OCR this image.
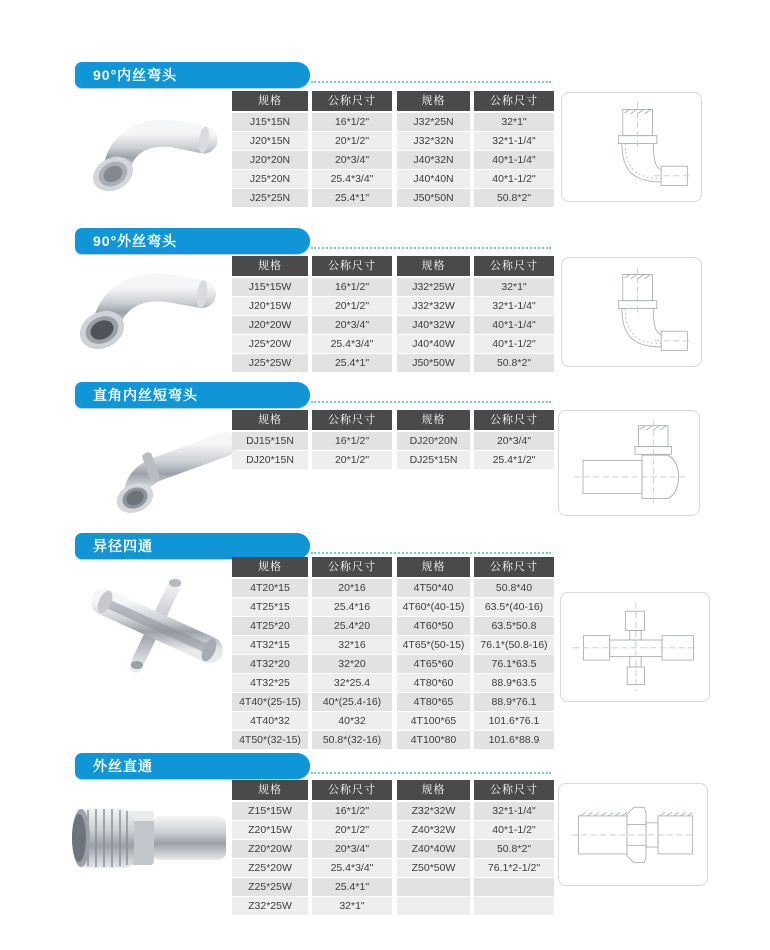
90°内丝弯头
规格	公称尺寸
J15*15N	16*1/2"
J20*15N	20*1/2"
J20*20N	20*3/4"
J25*20N	25.4*3/4"
J25*25N	25.4*1"
规格	公称尺寸
J32*25N	32*1"
J32*32N	32*1-1/4"
J40*32N	40*1-1/4"
J40*40N	40*1-1/2"
J50*50N	50.8*2"
90°外丝弯头
规格	公称尺寸
J15*15W	16*1/2"
J20*15W	20*1/2"
J20*20W	20*3/4"
J25*20W	25.4*3/4"
J25*25W	25.4*1"
规格	公称尺寸
J32*25W	32*1"
J32*32W	32*1-1/4"
J40*32W	40*1-1/4"
J40*40W	40*1-1/2"
J50*50W	50.8*2"
直角内丝短弯头
规格	公称尺寸
DJ15*15N	16*1/2"
DJ20*15N	20*1/2"
规格	公称尺寸
DJ20*20N	20*3/4"
DJ25*15N	25.4*1/2"
异径四通
规格	公称尺寸
4T20*15	20*16
4T25*15	25.4*16
4T25*20	25.4*20
4T32*15	32*16
4T32*20	32*20
4T32*25	32*25.4
4T40*(25-15)	40*(25.4-16)
4T40*32	40*32
4T50*(32-15)	50.8*(32-16)
规格	公称尺寸
4T50*40	50.8*40
4T60*(40-15)	63.5*(40-16)
4T60*50	63.5*50.8
4T65*(50-15)	76.1*(50.8-16)
4T65*60	76.1*63.5
4T80*60	88.9*63.5
4T80*65	88.9*76.1
4T100*65	101.6*76.1
4T100*80	101.6*88.9
外丝直通
规格	公称尺寸
Z15*15W	16*1/2"
Z20*15W	20*1/2"
Z20*20W	20*3/4"
Z25*20W	25.4*3/4"
Z25*25W	25.4*1"
Z32*25W	32*1"
规格	公称尺寸
Z32*32W	32*1-1/4"
Z40*32W	40*1-1/2"
Z40*40W	50.8*2"
Z50*50W	76.1*2-1/2"
